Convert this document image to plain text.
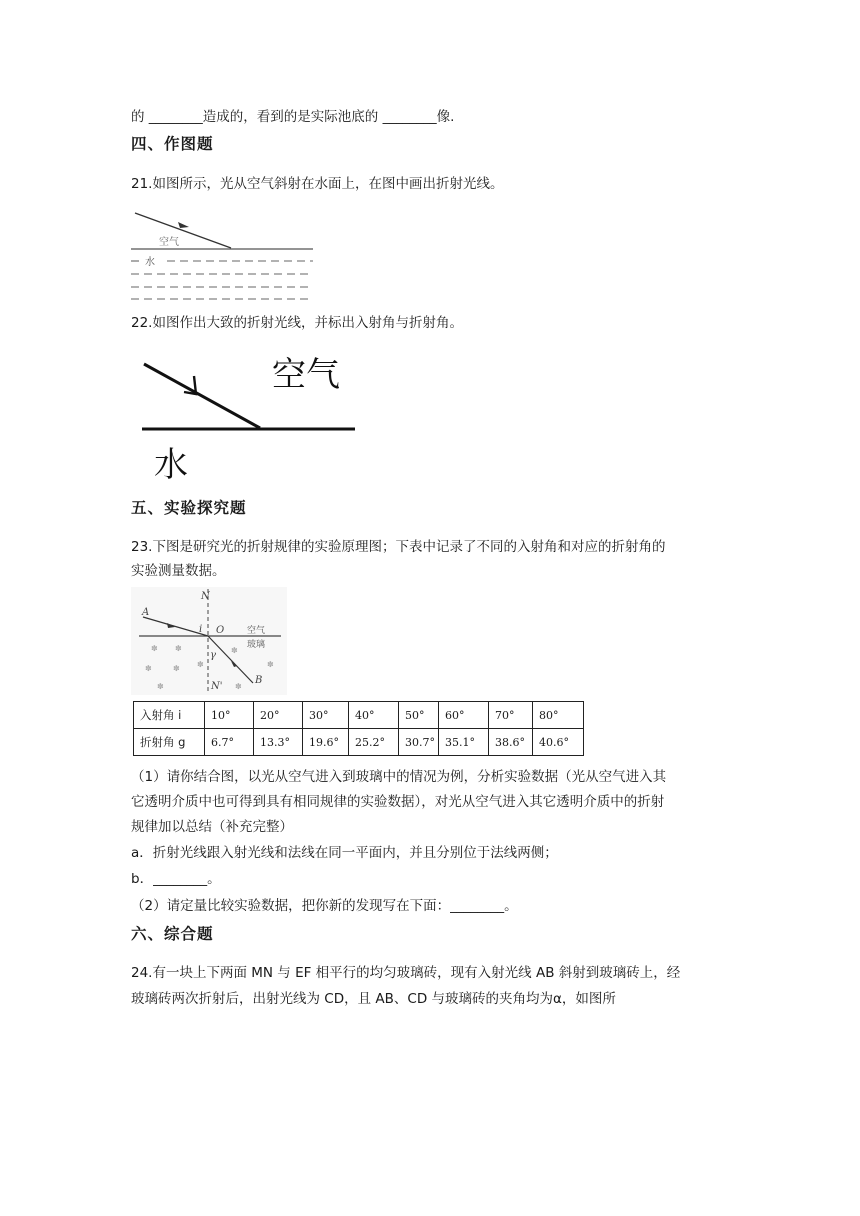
的 ________造成的，看到的是实际池底的 ________像.
四、作图题
21.如图所示，光从空气斜射在水面上，在图中画出折射光线。
空气
水
22.如图作出大致的折射光线，并标出入射角与折射角。
空气
水
五、实验探究题
23.下图是研究光的折射规律的实验原理图；下表中记录了不同的入射角和对应的折射角的
实验测量数据。
N
A
i O
γ
B
N'
空气
玻璃
✽ ✽	✽
✽	✽ ✽
✽	✽
✽
入射角 i	10°	20°	30°	40°	50°	60°	70°	80°
折射角 g	6.7°	13.3°	19.6°	25.2°	30.7°	35.1°	38.6°	40.6°
（1）请你结合图，以光从空气进入到玻璃中的情况为例，分析实验数据（光从空气进入其
它透明介质中也可得到具有相同规律的实验数据），对光从空气进入其它透明介质中的折射
规律加以总结（补充完整）
a．折射光线跟入射光线和法线在同一平面内，并且分别位于法线两侧；
b．________。
（2）请定量比较实验数据，把你新的发现写在下面：________。
六、综合题
24.有一块上下两面 MN 与 EF 相平行的均匀玻璃砖，现有入射光线 AB 斜射到玻璃砖上，经
玻璃砖两次折射后，出射光线为 CD，且 AB、CD 与玻璃砖的夹角均为α，如图所
